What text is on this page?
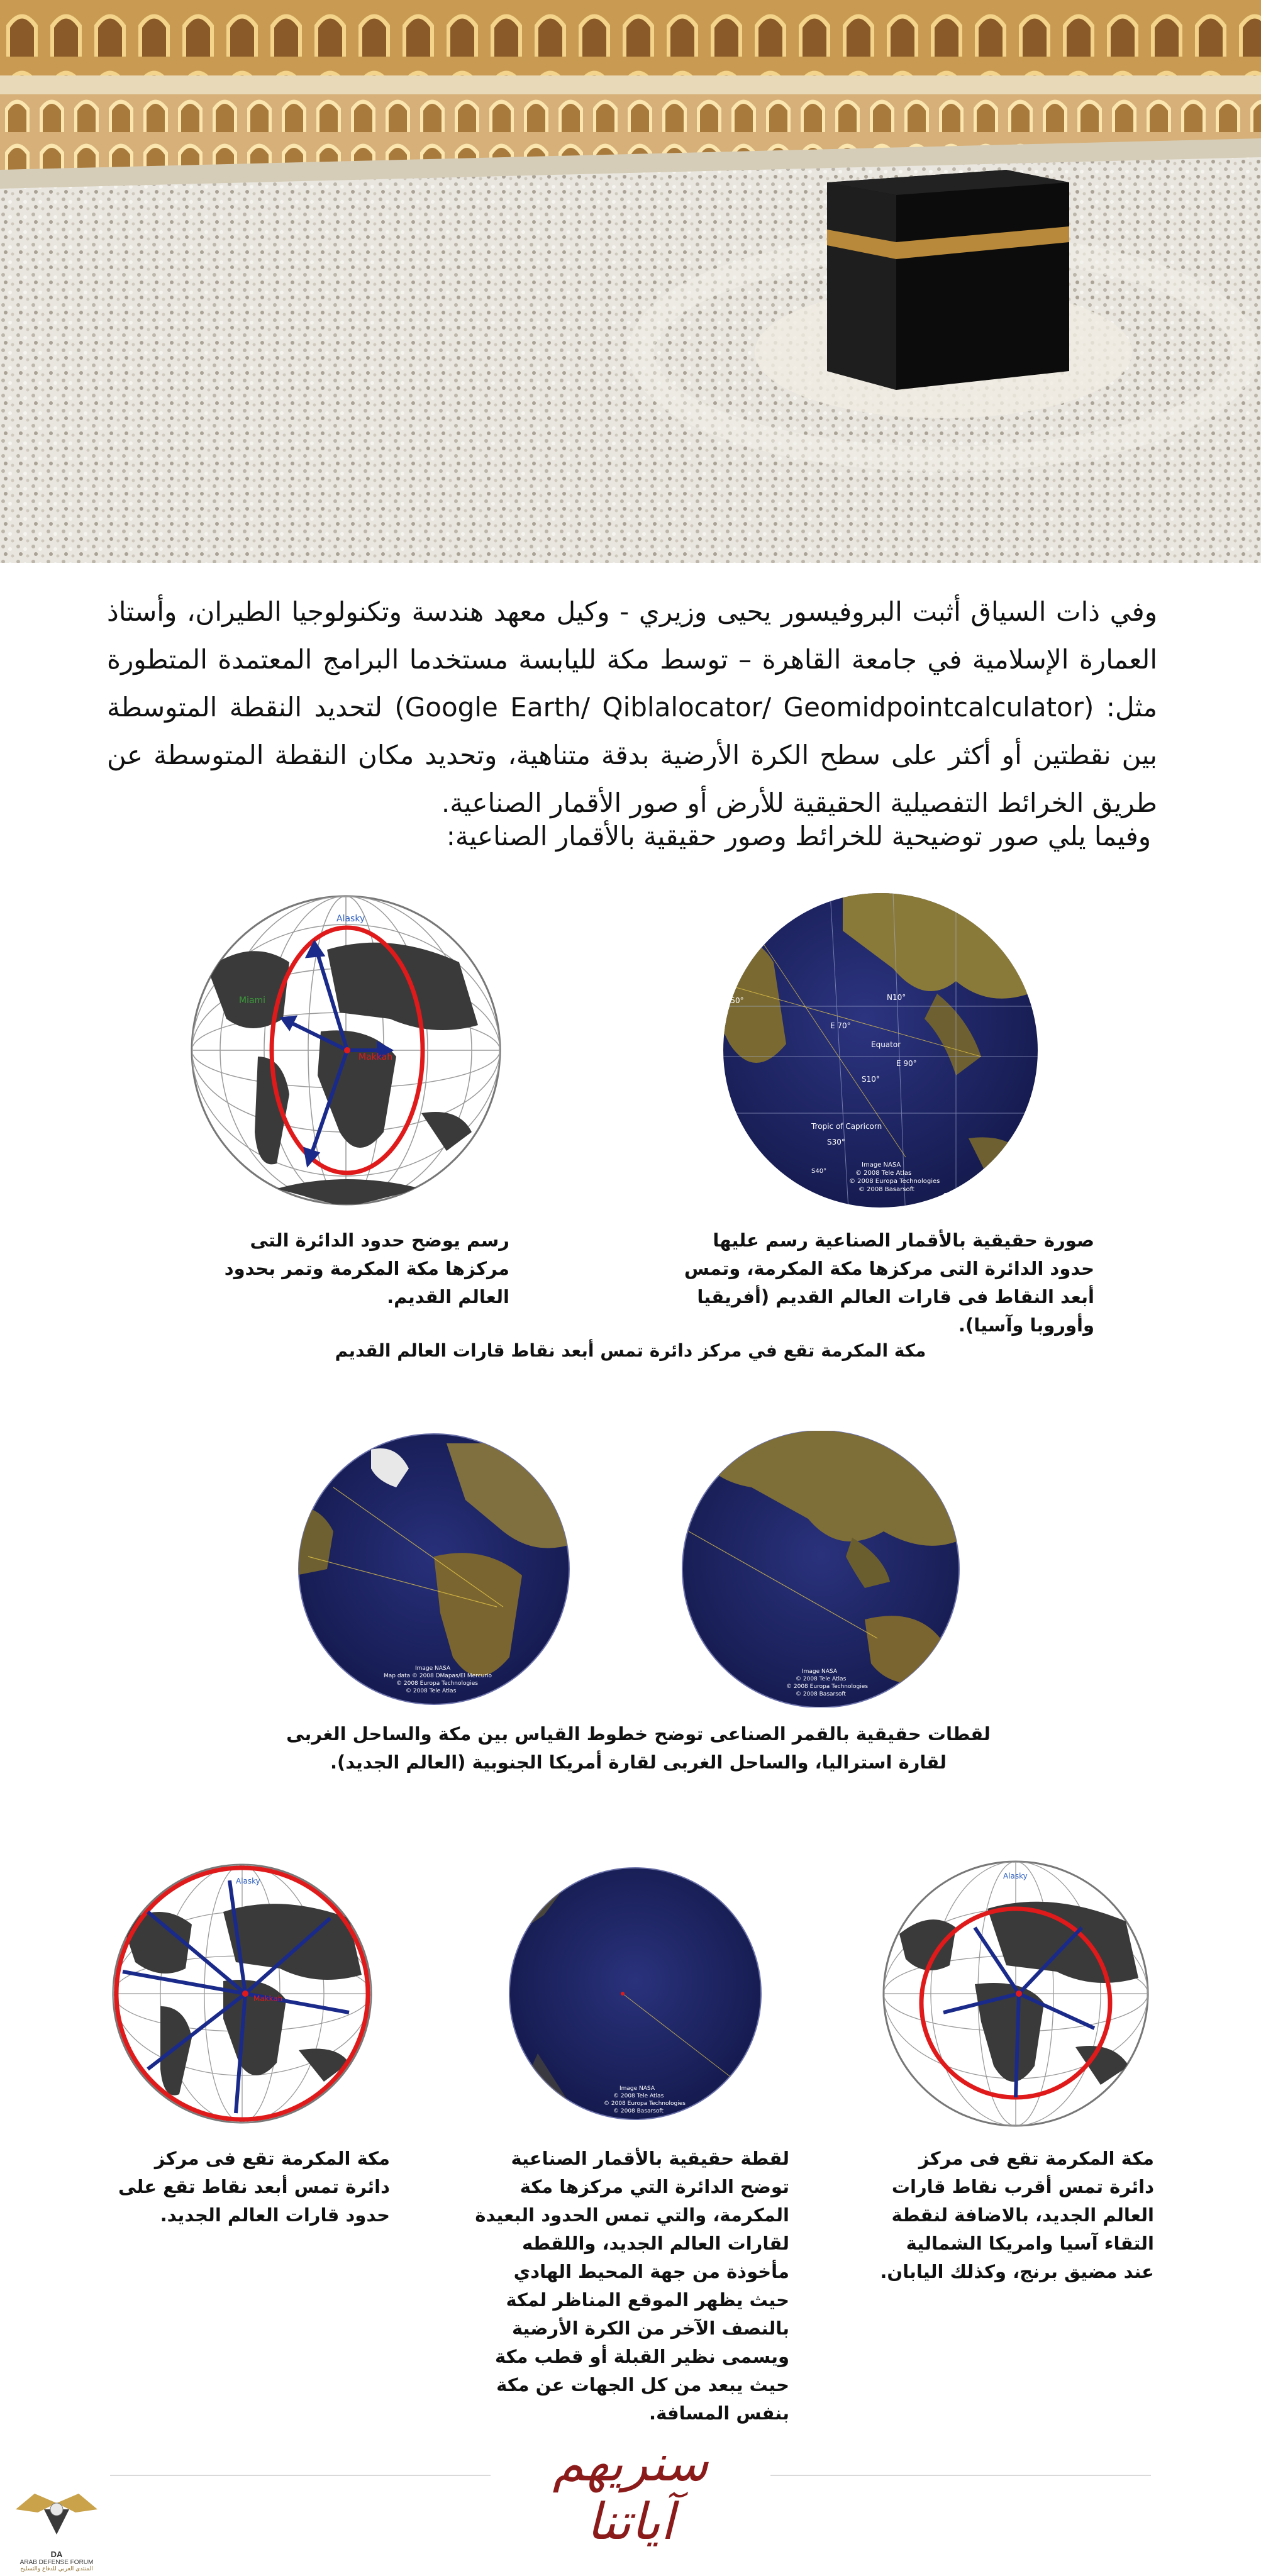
وفي ذات السياق أثبت البروفيسور يحيى وزيري - وكيل معهد هندسة وتكنولوجيا الطيران، وأستاذ العمارة الإسلامية في جامعة القاهرة – توسط مكة لليابسة مستخدما البرامج المعتمدة المتطورة مثل: (Google Earth/ Qiblalocator/ Geomidpointcalculator) لتحديد النقطة المتوسطة بين نقطتين أو أكثر على سطح الكرة الأرضية بدقة متناهية، وتحديد مكان النقطة المتوسطة عن طريق الخرائط التفصيلية الحقيقية للأرض أو صور الأقمار الصناعية.
وفيما يلي صور توضيحية للخرائط وصور حقيقية بالأقمار الصناعية:
Alasky
Miami
Makkah
E 50°	N10°
E 70°
Equator
S10°
E 90°
Tropic of Capricorn
S30°
Image NASA
© 2008 Tele Atlas
© 2008 Europa Technologies
© 2008 Basarsoft
Streaming
S40°
رسم يوضح حدود الدائرة التى مركزها مكة المكرمة وتمر بحدود العالم القديم.
صورة حقيقية بالأقمار الصناعية رسم عليها حدود الدائرة التى مركزها مكة المكرمة، وتمس أبعد النقاط فى قارات العالم القديم (أفريقيا وأوروبا وآسيا).
مكة المكرمة تقع في مركز دائرة تمس أبعد نقاط قارات العالم القديم
Image NASA
Map data © 2008 DMapas/El Mercurio
© 2008 Europa Technologies
© 2008 Tele Atlas
Image NASA
© 2008 Tele Atlas
© 2008 Europa Technologies
© 2008 Basarsoft
لقطات حقيقية بالقمر الصناعى توضح خطوط القياس بين مكة والساحل الغربى لقارة استراليا، والساحل الغربى لقارة أمريكا الجنوبية (العالم الجديد).
Alasky
Makkah
Image NASA
© 2008 Tele Atlas
© 2008 Europa Technologies
© 2008 Basarsoft
Alasky
مكة المكرمة تقع فى مركز دائرة تمس أبعد نقاط تقع على حدود قارات العالم الجديد.
لقطة حقيقية بالأقمار الصناعية توضح الدائرة التي مركزها مكة المكرمة، والتي تمس الحدود البعيدة لقارات العالم الجديد، واللقطه مأخوذة من جهة المحيط الهادي حيث يظهر الموقع المناظر لمكة بالنصف الآخر من الكرة الأرضية ويسمى نظير القبلة أو قطب مكة حيث يبعد من كل الجهات عن مكة بنفس المسافة.
مكة المكرمة تقع فى مركز دائرة تمس أقرب نقاط قارات العالم الجديد، بالاضافة لنقطة التقاء آسيا وامريكا الشمالية عند مضيق برنج، وكذلك اليابان.
سنريهم آياتنا
DA
ARAB DEFENSE FORUM
المنتدى العربي للدفاع والتسليح
